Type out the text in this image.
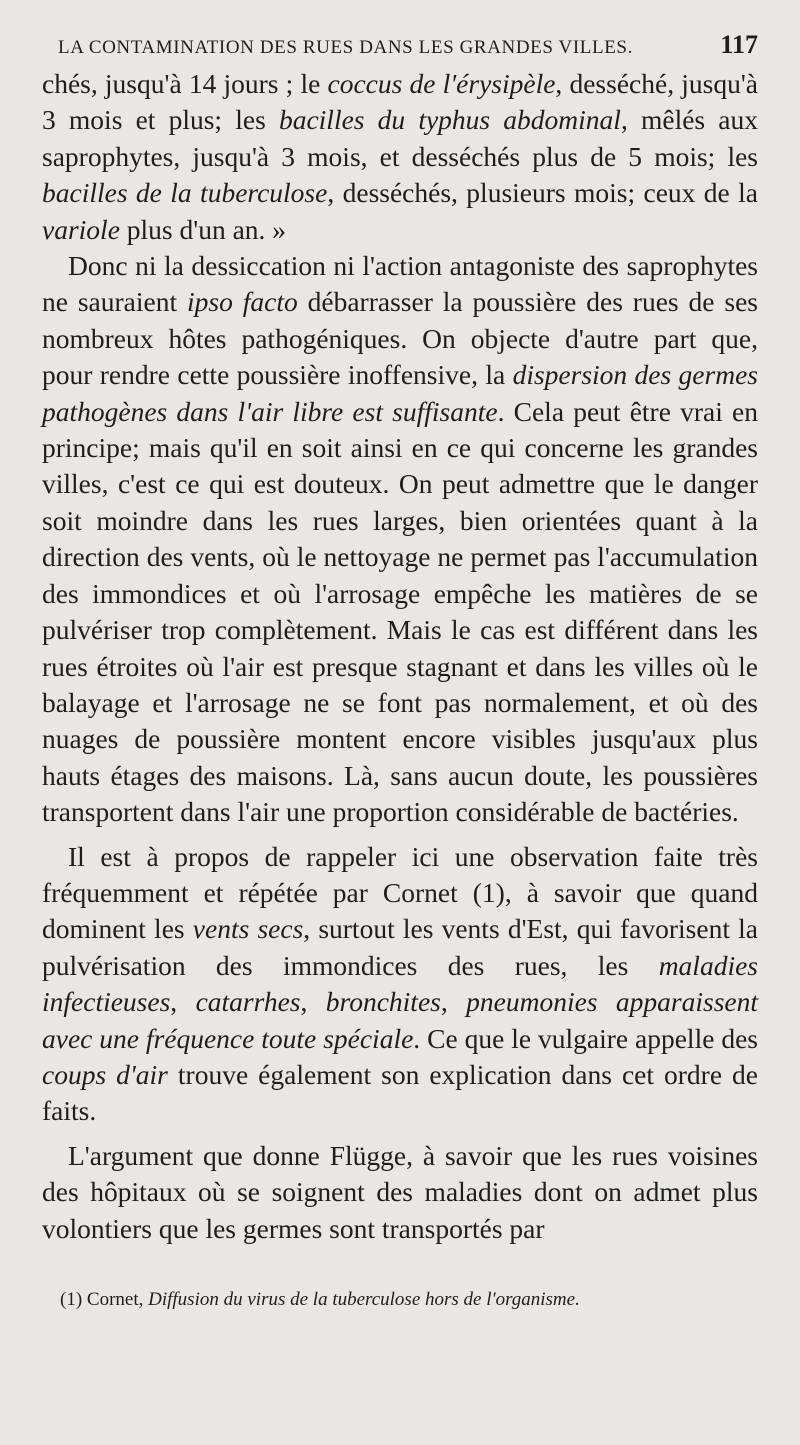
LA CONTAMINATION DES RUES DANS LES GRANDES VILLES.	117

chés, jusqu'à 14 jours ; le coccus de l'érysipèle, desséché, jusqu'à 3 mois et plus; les bacilles du typhus abdominal, mêlés aux saprophytes, jusqu'à 3 mois, et desséchés plus de 5 mois; les bacilles de la tuberculose, desséchés, plusieurs mois; ceux de la variole plus d'un an. »

Donc ni la dessiccation ni l'action antagoniste des saprophytes ne sauraient ipso facto débarrasser la poussière des rues de ses nombreux hôtes pathogéniques. On objecte d'autre part que, pour rendre cette poussière inoffensive, la dispersion des germes pathogènes dans l'air libre est suffisante. Cela peut être vrai en principe; mais qu'il en soit ainsi en ce qui concerne les grandes villes, c'est ce qui est douteux. On peut admettre que le danger soit moindre dans les rues larges, bien orientées quant à la direction des vents, où le nettoyage ne permet pas l'accumulation des immondices et où l'arrosage empêche les matières de se pulvériser trop complètement. Mais le cas est différent dans les rues étroites où l'air est presque stagnant et dans les villes où le balayage et l'arrosage ne se font pas normalement, et où des nuages de poussière montent encore visibles jusqu'aux plus hauts étages des maisons. Là, sans aucun doute, les poussières transportent dans l'air une proportion considérable de bactéries.

Il est à propos de rappeler ici une observation faite très fréquemment et répétée par Cornet (1), à savoir que quand dominent les vents secs, surtout les vents d'Est, qui favorisent la pulvérisation des immondices des rues, les maladies infectieuses, catarrhes, bronchites, pneumonies apparaissent avec une fréquence toute spéciale. Ce que le vulgaire appelle des coups d'air trouve également son explication dans cet ordre de faits.

L'argument que donne Flügge, à savoir que les rues voisines des hôpitaux où se soignent des maladies dont on admet plus volontiers que les germes sont transportés par

(1) Cornet, Diffusion du virus de la tuberculose hors de l'organisme.
